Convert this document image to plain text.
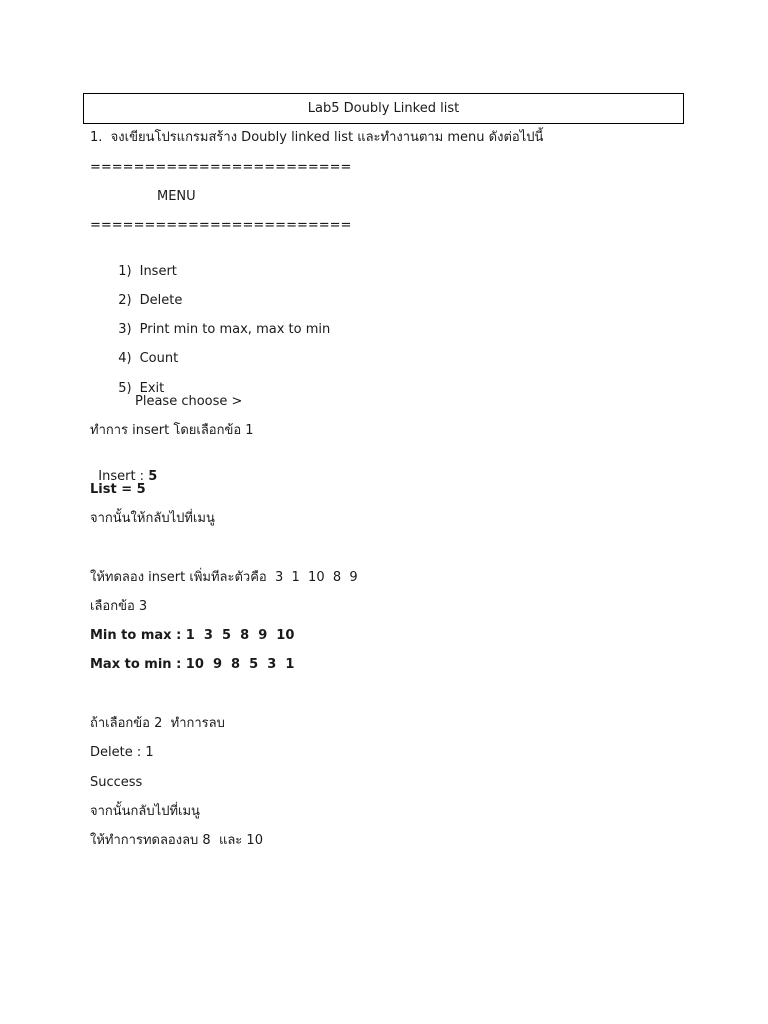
Lab5 Doubly Linked list
1.  จงเขียนโปรแกรมสร้าง Doubly linked list และทำงานตาม menu ดังต่อไปนี้
========================
MENU
========================

1) Insert

2) Delete

3) Print min to max, max to min

4) Count

5) Exit

Please choose >
ทำการ insert โดยเลือกข้อ 1

Insert : 5

List = 5
จากนั้นให้กลับไปที่เมนู
ให้ทดลอง insert เพิ่มทีละตัวคือ  3  1  10  8  9
เลือกข้อ 3
Min to max : 1  3  5  8  9  10
Max to min : 10  9  8  5  3  1
ถ้าเลือกข้อ 2  ทำการลบ
Delete : 1
Success
จากนั้นกลับไปที่เมนู
ให้ทำการทดลองลบ 8  และ 10
